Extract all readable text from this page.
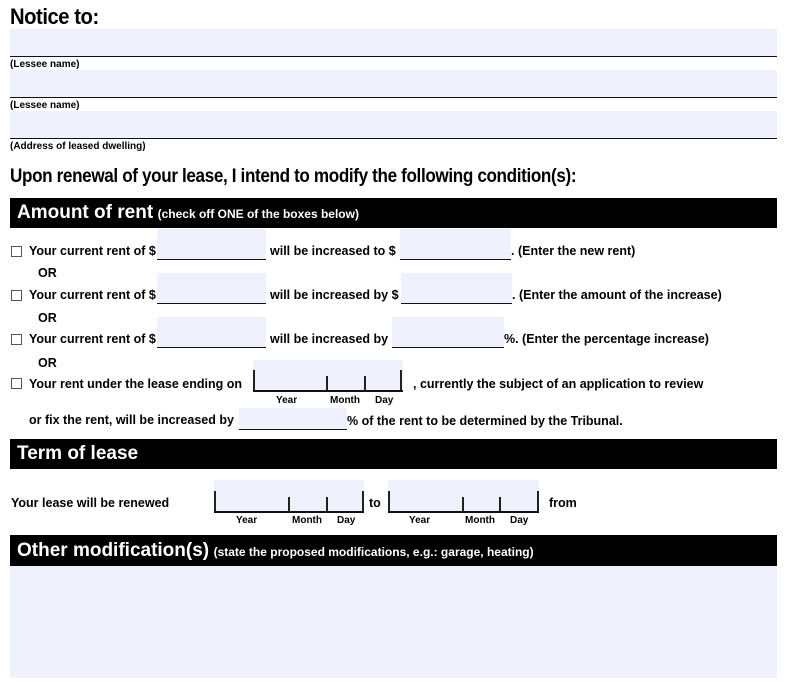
Notice to:
(Lessee name)
(Lessee name)
(Address of leased dwelling)
Upon renewal of your lease, I intend to modify the following condition(s):
Amount of rent (check off ONE of the boxes below)
Your current rent of $	will be increased to $	. (Enter the new rent)
OR
Your current rent of $	will be increased by $	. (Enter the amount of the increase)
OR
Your current rent of $	will be increased by	%. (Enter the percentage increase)
OR
Your rent under the lease ending on	, currently the subject of an application to review
Year	Month Day
or fix the rent, will be increased by	% of the rent to be determined by the Tribunal.
Term of lease
Your lease will be renewed	to	from
Year	Month Day	Year	Month Day
Other modification(s) (state the proposed modifications, e.g.: garage, heating)
